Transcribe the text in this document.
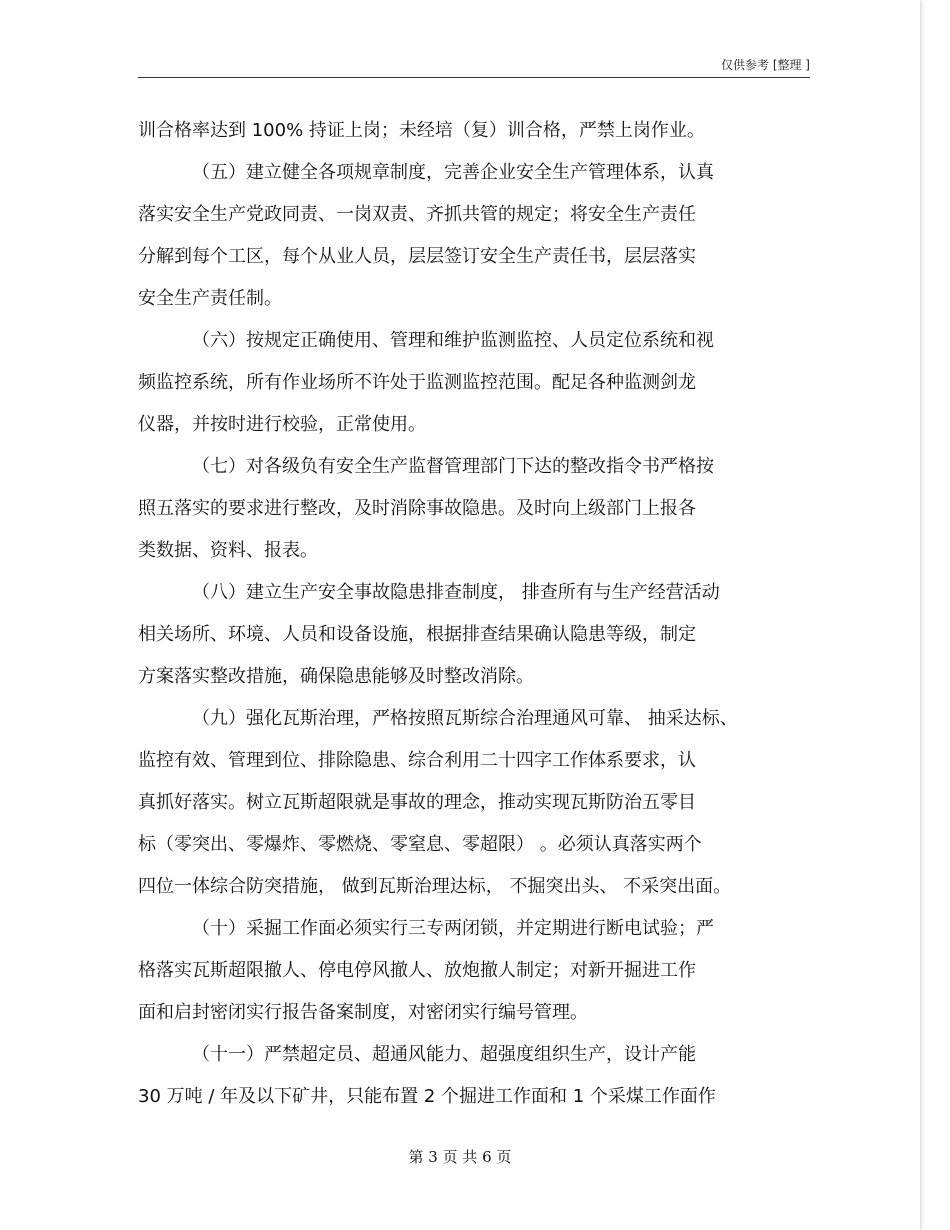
仅供参考 [整理 ]
训合格率达到 100% 持证上岗；未经培（复）训合格，严禁上岗作业。
（五）建立健全各项规章制度，完善企业安全生产管理体系，认真
落实安全生产党政同责、一岗双责、齐抓共管的规定；将安全生产责任
分解到每个工区，每个从业人员，层层签订安全生产责任书，层层落实
安全生产责任制。
（六）按规定正确使用、管理和维护监测监控、人员定位系统和视
频监控系统，所有作业场所不许处于监测监控范围。配足各种监测剑龙
仪器，并按时进行校验，正常使用。
（七）对各级负有安全生产监督管理部门下达的整改指令书严格按
照五落实的要求进行整改，及时消除事故隐患。及时向上级部门上报各
类数据、资料、报表。
（八）建立生产安全事故隐患排查制度， 排查所有与生产经营活动
相关场所、环境、人员和设备设施，根据排查结果确认隐患等级，制定
方案落实整改措施，确保隐患能够及时整改消除。
（九）强化瓦斯治理，严格按照瓦斯综合治理通风可靠、 抽采达标、
监控有效、管理到位、排除隐患、综合利用二十四字工作体系要求，认
真抓好落实。树立瓦斯超限就是事故的理念，推动实现瓦斯防治五零目
标（零突出、零爆炸、零燃烧、零窒息、零超限） 。必须认真落实两个
四位一体综合防突措施， 做到瓦斯治理达标， 不掘突出头、 不采突出面。
（十）采掘工作面必须实行三专两闭锁，并定期进行断电试验；严
格落实瓦斯超限撤人、停电停风撤人、放炮撤人制定；对新开掘进工作
面和启封密闭实行报告备案制度，对密闭实行编号管理。
（十一）严禁超定员、超通风能力、超强度组织生产，设计产能
30 万吨 / 年及以下矿井，只能布置 2 个掘进工作面和 1 个采煤工作面作
第 3 页 共 6 页
